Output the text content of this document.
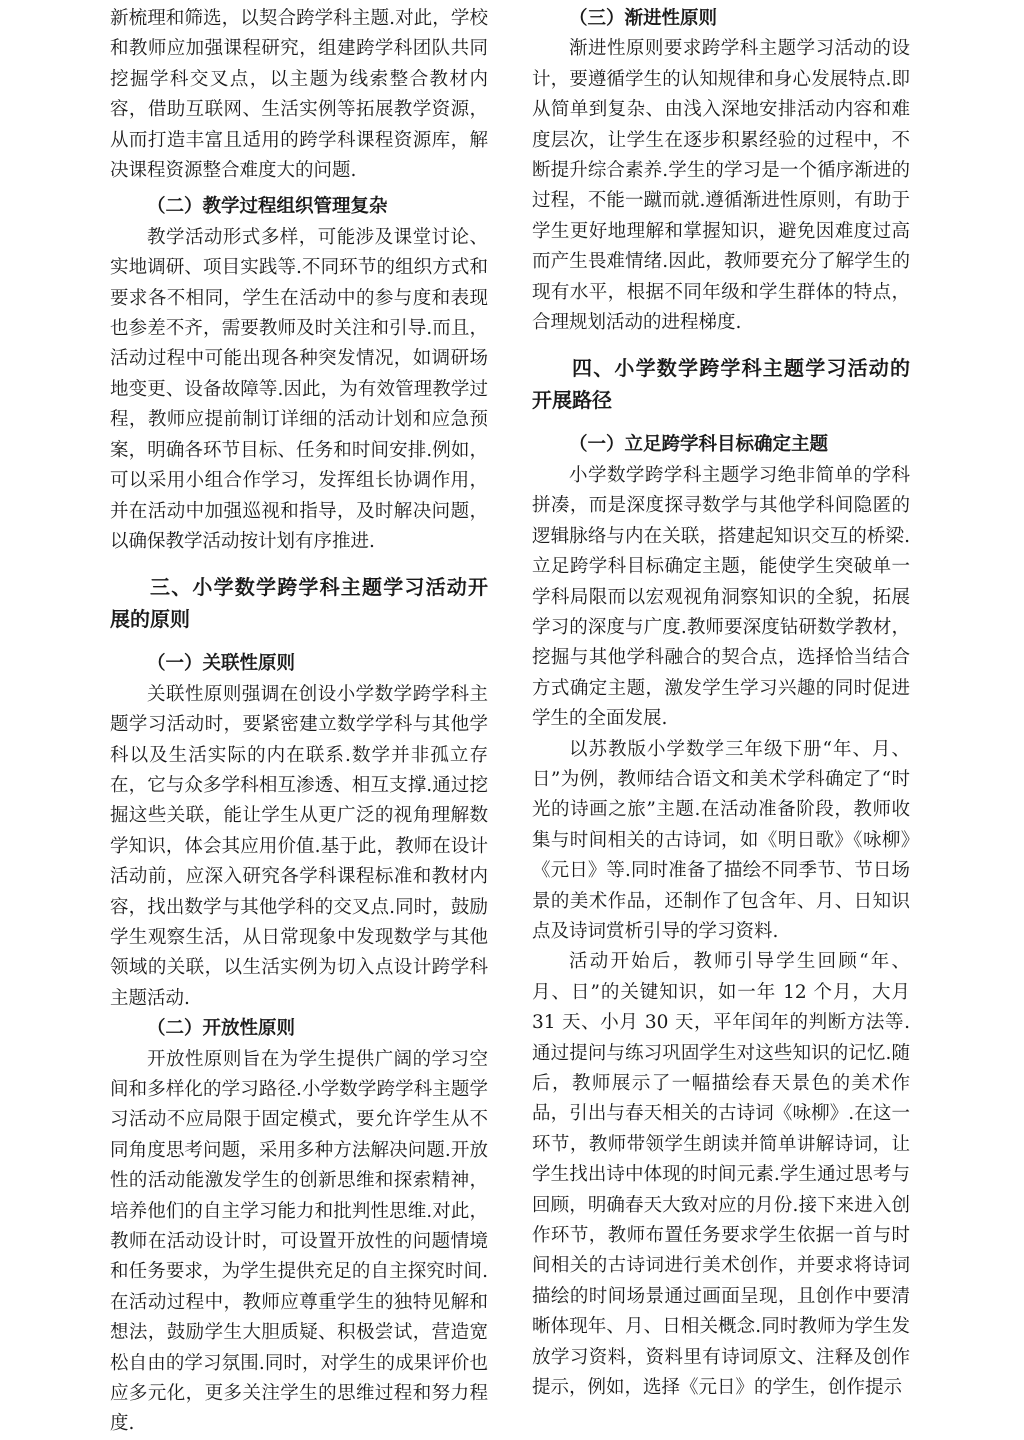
新梳理和筛选，以契合跨学科主题.对此，学校和教师应加强课程研究，组建跨学科团队共同挖掘学科交叉点，以主题为线索整合教材内容，借助互联网、生活实例等拓展教学资源，从而打造丰富且适用的跨学科课程资源库，解决课程资源整合难度大的问题.

（二）教学过程组织管理复杂

教学活动形式多样，可能涉及课堂讨论、实地调研、项目实践等.不同环节的组织方式和要求各不相同，学生在活动中的参与度和表现也参差不齐，需要教师及时关注和引导.而且，活动过程中可能出现各种突发情况，如调研场地变更、设备故障等.因此，为有效管理教学过程，教师应提前制订详细的活动计划和应急预案，明确各环节目标、任务和时间安排.例如，可以采用小组合作学习，发挥组长协调作用，并在活动中加强巡视和指导，及时解决问题，以确保教学活动按计划有序推进.

三、小学数学跨学科主题学习活动开展的原则
（一）关联性原则

关联性原则强调在创设小学数学跨学科主题学习活动时，要紧密建立数学学科与其他学科以及生活实际的内在联系.数学并非孤立存在，它与众多学科相互渗透、相互支撑.通过挖掘这些关联，能让学生从更广泛的视角理解数学知识，体会其应用价值.基于此，教师在设计活动前，应深入研究各学科课程标准和教材内容，找出数学与其他学科的交叉点.同时，鼓励学生观察生活，从日常现象中发现数学与其他领域的关联，以生活实例为切入点设计跨学科主题活动.

（二）开放性原则

开放性原则旨在为学生提供广阔的学习空间和多样化的学习路径.小学数学跨学科主题学习活动不应局限于固定模式，要允许学生从不同角度思考问题，采用多种方法解决问题.开放性的活动能激发学生的创新思维和探索精神，培养他们的自主学习能力和批判性思维.对此，教师在活动设计时，可设置开放性的问题情境和任务要求，为学生提供充足的自主探究时间.在活动过程中，教师应尊重学生的独特见解和想法，鼓励学生大胆质疑、积极尝试，营造宽松自由的学习氛围.同时，对学生的成果评价也应多元化，更多关注学生的思维过程和努力程度.

（三）渐进性原则

渐进性原则要求跨学科主题学习活动的设计，要遵循学生的认知规律和身心发展特点.即从简单到复杂、由浅入深地安排活动内容和难度层次，让学生在逐步积累经验的过程中，不断提升综合素养.学生的学习是一个循序渐进的过程，不能一蹴而就.遵循渐进性原则，有助于学生更好地理解和掌握知识，避免因难度过高而产生畏难情绪.因此，教师要充分了解学生的现有水平，根据不同年级和学生群体的特点，合理规划活动的进程梯度.

四、小学数学跨学科主题学习活动的开展路径
（一）立足跨学科目标确定主题

小学数学跨学科主题学习绝非简单的学科拼凑，而是深度探寻数学与其他学科间隐匿的逻辑脉络与内在关联，搭建起知识交互的桥梁.立足跨学科目标确定主题，能使学生突破单一学科局限而以宏观视角洞察知识的全貌，拓展学习的深度与广度.教师要深度钻研数学教材，挖掘与其他学科融合的契合点，选择恰当结合方式确定主题，激发学生学习兴趣的同时促进学生的全面发展.

以苏教版小学数学三年级下册“年、月、日”为例，教师结合语文和美术学科确定了“时光的诗画之旅”主题.在活动准备阶段，教师收集与时间相关的古诗词，如《明日歌》《咏柳》《元日》等.同时准备了描绘不同季节、节日场景的美术作品，还制作了包含年、月、日知识点及诗词赏析引导的学习资料.

活动开始后，教师引导学生回顾“年、月、日”的关键知识，如一年 12 个月，大月 31 天、小月 30 天，平年闰年的判断方法等.通过提问与练习巩固学生对这些知识的记忆.随后，教师展示了一幅描绘春天景色的美术作品，引出与春天相关的古诗词《咏柳》.在这一环节，教师带领学生朗读并简单讲解诗词，让学生找出诗中体现的时间元素.学生通过思考与回顾，明确春天大致对应的月份.接下来进入创作环节，教师布置任务要求学生依据一首与时间相关的古诗词进行美术创作，并要求将诗词描绘的时间场景通过画面呈现，且创作中要清晰体现年、月、日相关概念.同时教师为学生发放学习资料，资料里有诗词原文、注释及创作提示，例如，选择《元日》的学生，创作提示
